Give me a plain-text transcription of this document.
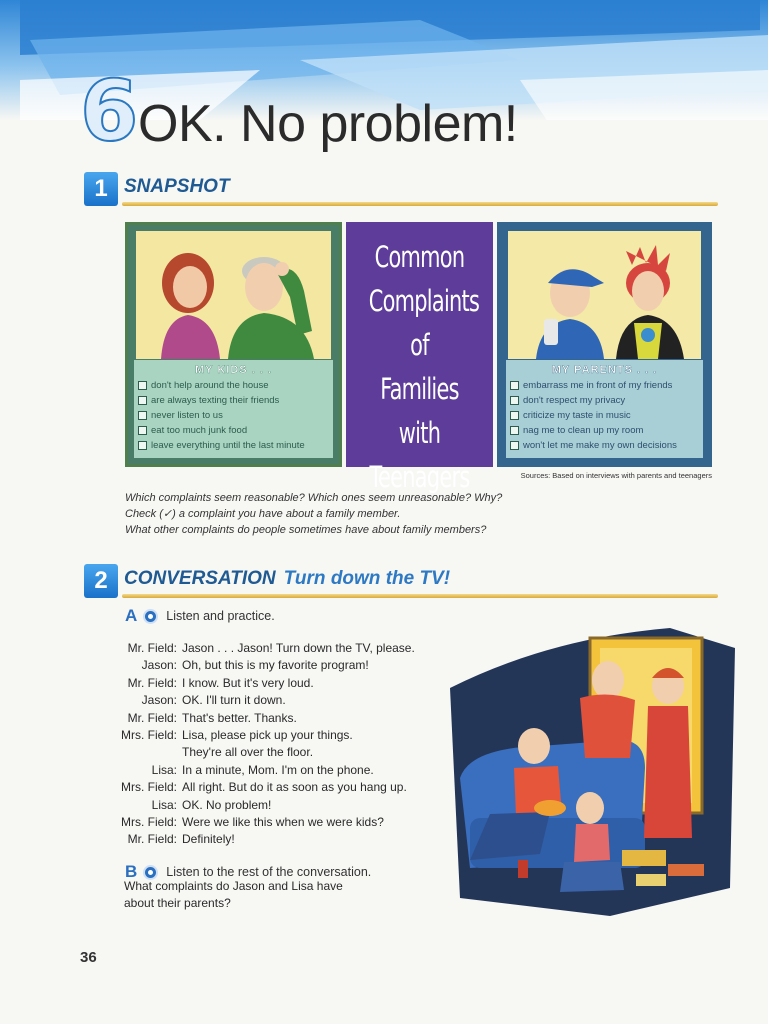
6 OK. No problem!
1 SNAPSHOT
MY KIDS . . .
don't help around the house
are always texting their friends
never listen to us
eat too much junk food
leave everything until the last minute
Common
Complaints
of Families
with
Teenagers
MY PARENTS . . .
embarrass me in front of my friends
don't respect my privacy
criticize my taste in music
nag me to clean up my room
won't let me make my own decisions
Sources: Based on interviews with parents and teenagers
Which complaints seem reasonable? Which ones seem unreasonable? Why?
Check (✓) a complaint you have about a family member.
What other complaints do people sometimes have about family members?
2 CONVERSATION Turn down the TV!
A Listen and practice.
Mr. Field: Jason . . . Jason! Turn down the TV, please.
Jason: Oh, but this is my favorite program!
Mr. Field: I know. But it's very loud.
Jason: OK. I'll turn it down.
Mr. Field: That's better. Thanks.
Mrs. Field: Lisa, please pick up your things.
They're all over the floor.
Lisa: In a minute, Mom. I'm on the phone.
Mrs. Field: All right. But do it as soon as you hang up.
Lisa: OK. No problem!
Mrs. Field: Were we like this when we were kids?
Mr. Field: Definitely!
B Listen to the rest of the conversation.
What complaints do Jason and Lisa have
about their parents?
36
